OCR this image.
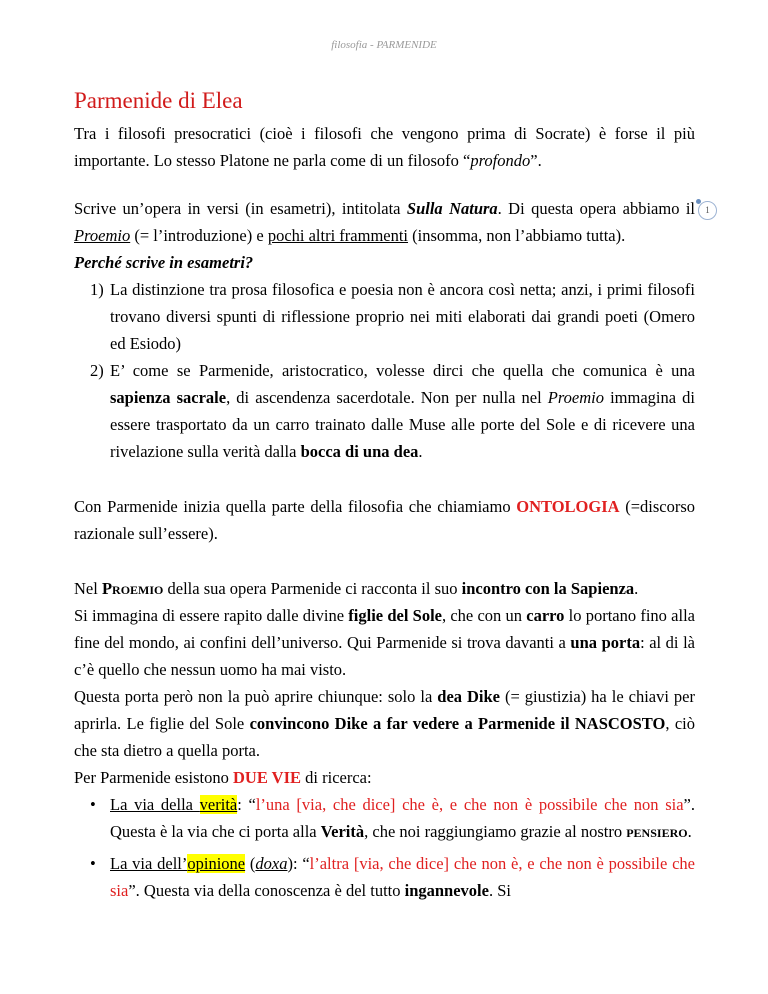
filosofia - PARMENIDE
1
Parmenide di Elea

Tra i filosofi presocratici (cioè i filosofi che vengono prima di Socrate) è forse il più importante. Lo stesso Platone ne parla come di un filosofo “profondo”.

Scrive un’opera in versi (in esametri), intitolata Sulla Natura. Di questa opera abbiamo il Proemio (= l’introduzione) e pochi altri frammenti (insomma, non l’abbiamo tutta).

Perché scrive in esametri?

1) La distinzione tra prosa filosofica e poesia non è ancora così netta; anzi, i primi filosofi trovano diversi spunti di riflessione proprio nei miti elaborati dai grandi poeti (Omero ed Esiodo)
2) E’ come se Parmenide, aristocratico, volesse dirci che quella che comunica è una sapienza sacrale, di ascendenza sacerdotale. Non per nulla nel Proemio immagina di essere trasportato da un carro trainato dalle Muse alle porte del Sole e di ricevere una rivelazione sulla verità dalla bocca di una dea.

Con Parmenide inizia quella parte della filosofia che chiamiamo ONTOLOGIA (=discorso razionale sull’essere).

Nel Proemio della sua opera Parmenide ci racconta il suo incontro con la Sapienza.

Si immagina di essere rapito dalle divine figlie del Sole, che con un carro lo portano fino alla fine del mondo, ai confini dell’universo. Qui Parmenide si trova davanti a una porta: al di là c’è quello che nessun uomo ha mai visto.

Questa porta però non la può aprire chiunque: solo la dea Dike (= giustizia) ha le chiavi per aprirla. Le figlie del Sole convincono Dike a far vedere a Parmenide il NASCOSTO, ciò che sta dietro a quella porta.

Per Parmenide esistono DUE VIE di ricerca:

• La via della verità: “l’una [via, che dice] che è, e che non è possibile che non sia”. Questa è la via che ci porta alla Verità, che noi raggiungiamo grazie al nostro pensiero.
• La via dell’opinione (doxa): “l’altra [via, che dice] che non è, e che non è possibile che sia”. Questa via della conoscenza è del tutto ingannevole. Si
